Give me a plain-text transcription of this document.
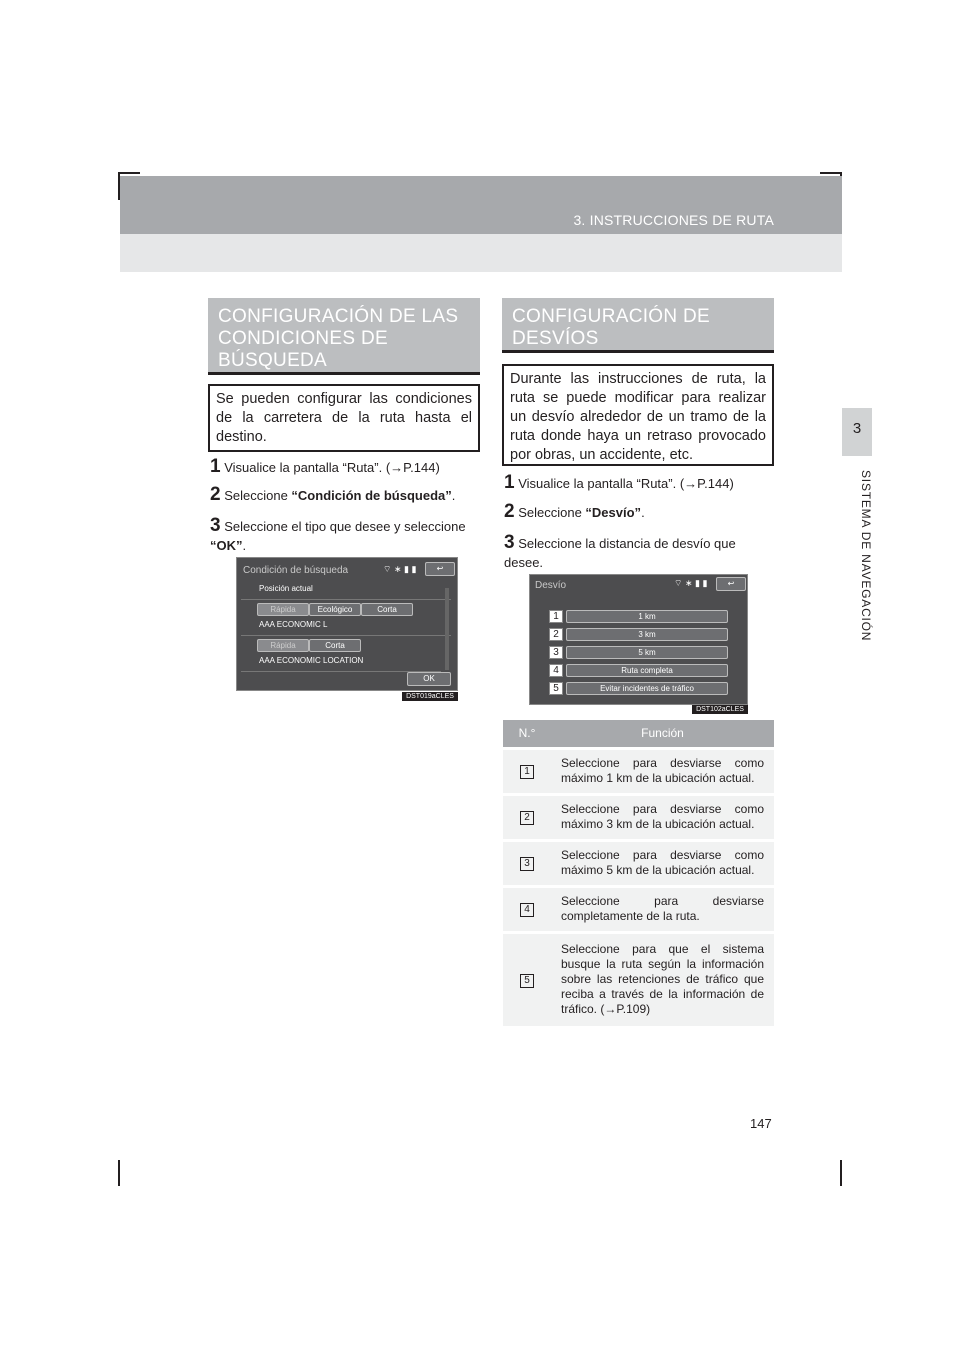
3. INSTRUCCIONES DE RUTA
3
SISTEMA DE NAVEGACIÓN
CONFIGURACIÓN DE LAS CONDICIONES DE BÚSQUEDA
Se pueden configurar las condiciones de la carretera de la ruta hasta el destino.
1 Visualice la pantalla “Ruta”. (→P.144)
2 Seleccione “Condición de búsqueda”.
3 Seleccione el tipo que desee y seleccione “OK”.
Condición de búsqueda	⌔ ∗ ▮ ▮	↩
Posición actual
Rápida	Ecológico	Corta
AAA ECONOMIC L
Rápida	Corta
AAA ECONOMIC LOCATION
OK
DST019aCLES
CONFIGURACIÓN DE DESVÍOS
Durante las instrucciones de ruta, la ruta se puede modificar para realizar un desvío alrededor de un tramo de la ruta donde haya un retraso provocado por obras, un accidente, etc.
1 Visualice la pantalla “Ruta”. (→P.144)
2 Seleccione “Desvío”.
3 Seleccione la distancia de desvío que desee.
Desvío	⌔ ∗ ▮ ▮	↩
1	1 km
2	3 km
3	5 km
4	Ruta completa
5	Evitar incidentes de tráfico
DST102aCLES
N.°	Función
1	Seleccione para desviarse como máximo 1 km de la ubicación actual.
2	Seleccione para desviarse como máximo 3 km de la ubicación actual.
3	Seleccione para desviarse como máximo 5 km de la ubicación actual.
4	Seleccione para desviarse completamente de la ruta.
5	Seleccione para que el sistema busque la ruta según la información sobre las retenciones de tráfico que reciba a través de la información de tráfico. (→P.109)
147
